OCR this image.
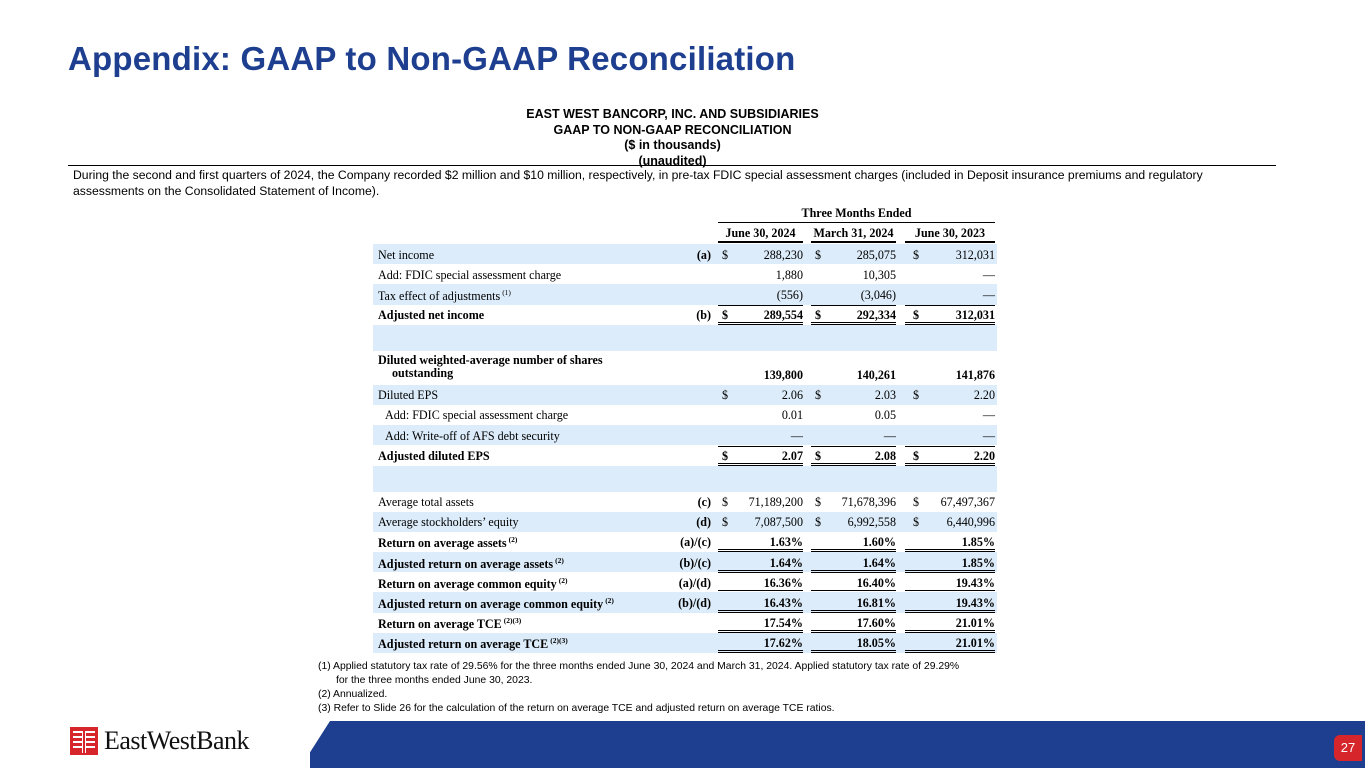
Appendix: GAAP to Non-GAAP Reconciliation
EAST WEST BANCORP, INC. AND SUBSIDIARIES
GAAP TO NON-GAAP RECONCILIATION
($ in thousands)
(unaudited)
During the second and first quarters of 2024, the Company recorded $2 million and $10 million, respectively, in pre-tax FDIC special assessment charges (included in Deposit insurance premiums and regulatory assessments on the Consolidated Statement of Income).
Three Months Ended
June 30, 2024	March 31, 2024	June 30, 2023
Net income	(a) $	288,230 $	285,075 $	312,031
Add: FDIC special assessment charge	1,880	10,305	—
Tax effect of adjustments $^{(1)}$	(556)	(3,046)	—
Adjusted net income	(b) $	289,554 $	292,334 $	312,031
Diluted weighted-average number of shares
outstanding	139,800	140,261	141,876
Diluted EPS	$	2.06 $	2.03 $	2.20
Add: FDIC special assessment charge	0.01	0.05	—
Add: Write-off of AFS debt security	—	—	—
Adjusted diluted EPS	$	2.07 $	2.08 $	2.20
Average total assets	(c) $	71,189,200 $	71,678,396 $	67,497,367
Average stockholders’ equity	(d) $	7,087,500 $	6,992,558 $	6,440,996
Return on average assets $^{(2)}$	(a)/(c)	1.63%	1.60%	1.85%
Adjusted return on average assets $^{(2)}$	(b)/(c)	1.64%	1.64%	1.85%
Return on average common equity $^{(2)}$	(a)/(d)	16.36%	16.40%	19.43%
Adjusted return on average common equity $^{(2)}$	(b)/(d)	16.43%	16.81%	19.43%
Return on average TCE $^{(2)(3)}$	17.54%	17.60%	21.01%
Adjusted return on average TCE $^{(2)(3)}$	17.62%	18.05%	21.01%
(1) Applied statutory tax rate of 29.56% for the three months ended June 30, 2024 and March 31, 2024. Applied statutory tax rate of 29.29%
for the three months ended June 30, 2023.
(2) Annualized.
(3) Refer to Slide 26 for the calculation of the return on average TCE and adjusted return on average TCE ratios.
EastWestBank	27
